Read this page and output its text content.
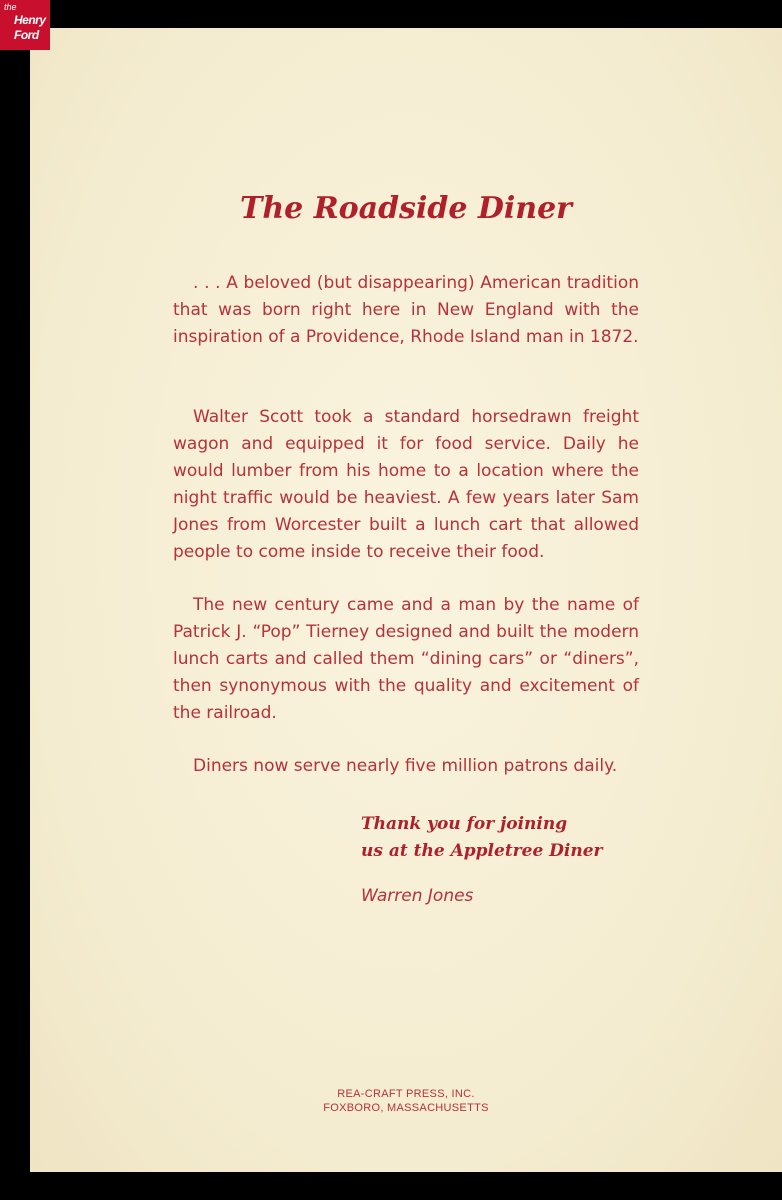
the
Henry
Ford
The Roadside Diner

. . . A beloved (but disappearing) American tradition that was born right here in New England with the inspiration of a Providence, Rhode Island man in 1872.

Walter Scott took a standard horsedrawn freight wagon and equipped it for food service. Daily he would lumber from his home to a location where the night traffic would be heaviest. A few years later Sam Jones from Worcester built a lunch cart that allowed people to come inside to receive their food.

The new century came and a man by the name of Patrick J. “Pop” Tierney designed and built the modern lunch carts and called them “dining cars” or “diners”, then synonymous with the quality and excitement of the railroad.

Diners now serve nearly five million patrons daily.

Thank you for joining
us at the Appletree Diner
Warren Jones
REA-CRAFT PRESS, INC.
FOXBORO, MASSACHUSETTS
